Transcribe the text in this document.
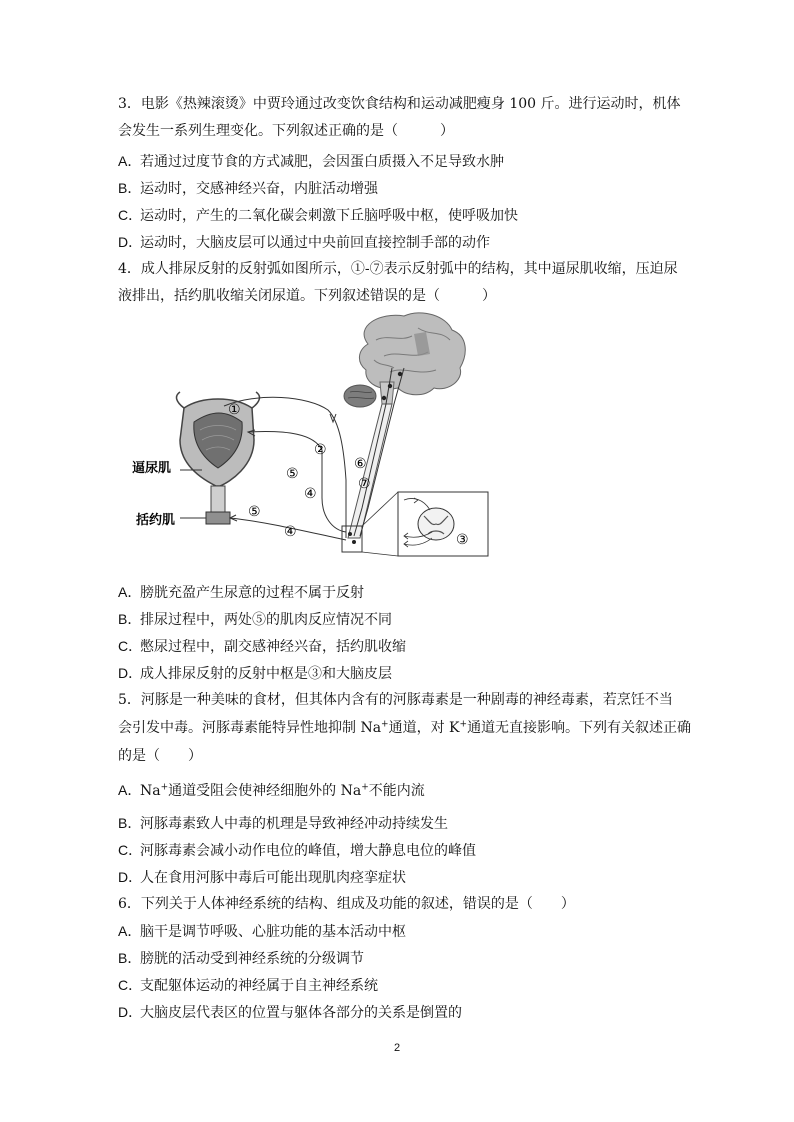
3．电影《热辣滚烫》中贾玲通过改变饮食结构和运动减肥瘦身 100 斤。进行运动时，机体
会发生一系列生理变化。下列叙述正确的是（　　　）
A．若通过过度节食的方式减肥，会因蛋白质摄入不足导致水肿
B．运动时，交感神经兴奋，内脏活动增强
C．运动时，产生的二氧化碳会刺激下丘脑呼吸中枢，使呼吸加快
D．运动时，大脑皮层可以通过中央前回直接控制手部的动作
4．成人排尿反射的反射弧如图所示，①-⑦表示反射弧中的结构，其中逼尿肌收缩，压迫尿
液排出，括约肌收缩关闭尿道。下列叙述错误的是（　　　）
逼尿肌
括约肌
①
②
⑤
④
⑤
④
⑥
⑦
③
A．膀胱充盈产生尿意的过程不属于反射
B．排尿过程中，两处⑤的肌肉反应情况不同
C．憋尿过程中，副交感神经兴奋，括约肌收缩
D．成人排尿反射的反射中枢是③和大脑皮层
5．河豚是一种美味的食材，但其体内含有的河豚毒素是一种剧毒的神经毒素，若烹饪不当
会引发中毒。河豚毒素能特异性地抑制 Na+通道，对 K+通道无直接影响。下列有关叙述正确
的是（　　）
A．Na+通道受阻会使神经细胞外的 Na+不能内流
B．河豚毒素致人中毒的机理是导致神经冲动持续发生
C．河豚毒素会减小动作电位的峰值，增大静息电位的峰值
D．人在食用河豚中毒后可能出现肌肉痉挛症状
6．下列关于人体神经系统的结构、组成及功能的叙述，错误的是（　　）
A．脑干是调节呼吸、心脏功能的基本活动中枢
B．膀胱的活动受到神经系统的分级调节
C．支配躯体运动的神经属于自主神经系统
D．大脑皮层代表区的位置与躯体各部分的关系是倒置的
2
